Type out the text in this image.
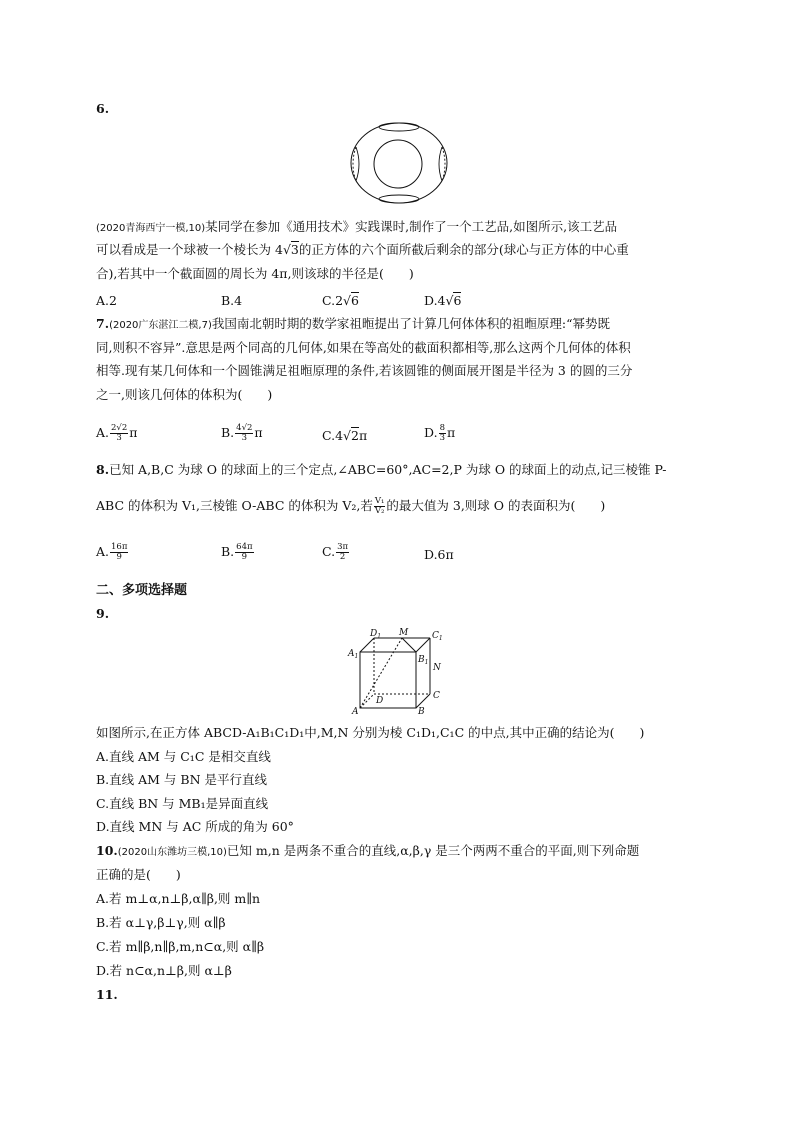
6.
(2020青海西宁一模,10)某同学在参加《通用技术》实践课时,制作了一个工艺品,如图所示,该工艺品
可以看成是一个球被一个棱长为 4√3的正方体的六个面所截后剩余的部分(球心与正方体的中心重
合),若其中一个截面圆的周长为 4π,则该球的半径是(　　)
A.2	B.4	C.2√6	D.4√6
7.(2020广东湛江二模,7)我国南北朝时期的数学家祖暅提出了计算几何体体积的祖暅原理:“幂势既
同,则积不容异”.意思是两个同高的几何体,如果在等高处的截面积都相等,那么这两个几何体的体积
相等.现有某几何体和一个圆锥满足祖暅原理的条件,若该圆锥的侧面展开图是半径为 3 的圆的三分
之一,则该几何体的体积为(　　)
A. $\frac{2√2}{3}$ π	B. $\frac{4√2}{3}$ π	C.4√2π	D. $\frac{8}{3}$ π
8.已知 A,B,C 为球 O 的球面上的三个定点,∠ABC=60°,AC=2,P 为球 O 的球面上的动点,记三棱锥 P-
ABC 的体积为 V₁,三棱锥 O-ABC 的体积为 V₂,若 $\frac{\text{V₁}}{\text{V₂}}$ 的最大值为 3,则球 O 的表面积为(　　)
A. $\frac{16\pi}{9}$	B. $\frac{64\pi}{9}$	C. $\frac{3\pi}{2}$	D.6π
二、多项选择题
9.
$D_1$ M	$C_1$
$A_1$	$B_1$
N
D	C
A	B
如图所示,在正方体 ABCD-A₁B₁C₁D₁中,M,N 分别为棱 C₁D₁,C₁C 的中点,其中正确的结论为(　　)
A.直线 AM 与 C₁C 是相交直线
B.直线 AM 与 BN 是平行直线
C.直线 BN 与 MB₁是异面直线
D.直线 MN 与 AC 所成的角为 60°
10.(2020山东潍坊三模,10)已知 m,n 是两条不重合的直线,α,β,γ 是三个两两不重合的平面,则下列命题
正确的是(　　)
A.若 m⊥α,n⊥β,α∥β,则 m∥n
B.若 α⊥γ,β⊥γ,则 α∥β
C.若 m∥β,n∥β,m,n⊂α,则 α∥β
D.若 n⊂α,n⊥β,则 α⊥β
11.
